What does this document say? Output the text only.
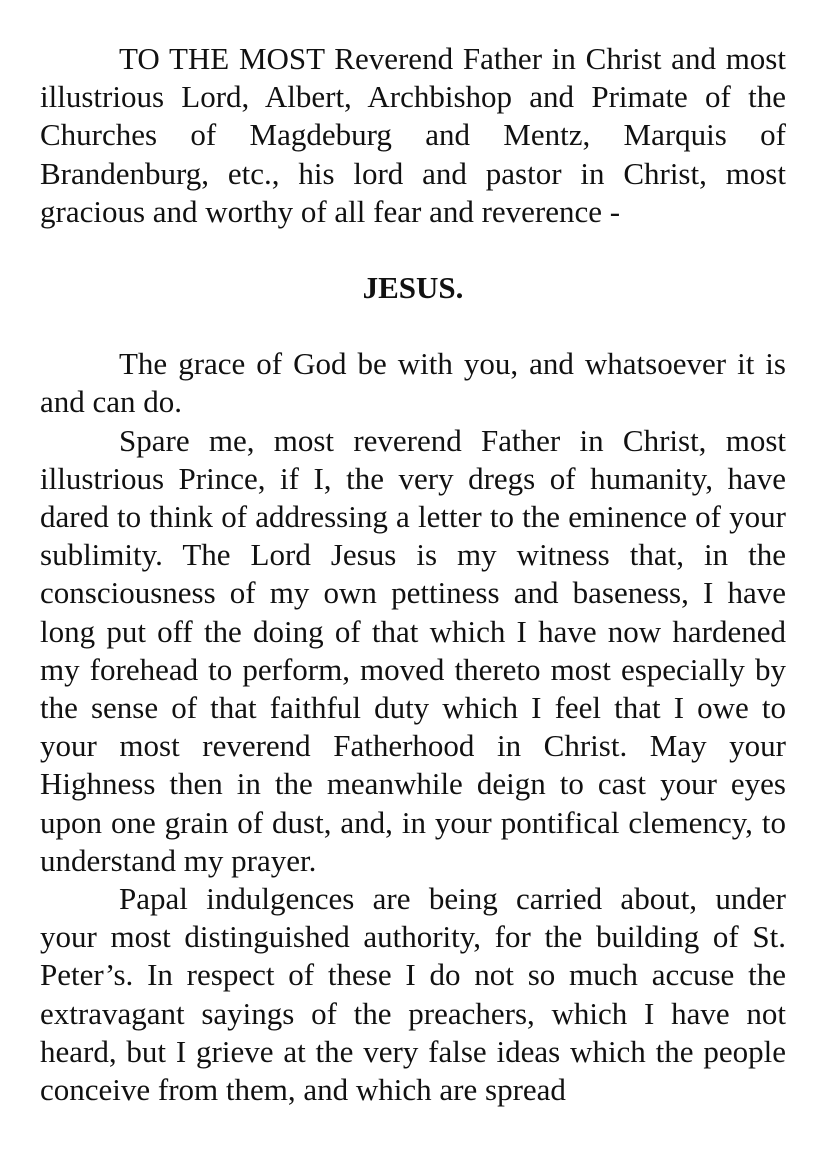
TO THE MOST Reverend Father in Christ and most illustrious Lord, Albert, Archbishop and Primate of the Churches of Magdeburg and Mentz, Marquis of Brandenburg, etc., his lord and pastor in Christ, most gracious and worthy of all fear and reverence -

JESUS.

The grace of God be with you, and whatsoever it is and can do.

Spare me, most reverend Father in Christ, most illustrious Prince, if I, the very dregs of humanity, have dared to think of addressing a letter to the eminence of your sublimity. The Lord Jesus is my witness that, in the consciousness of my own pettiness and baseness, I have long put off the doing of that which I have now hardened my forehead to perform, moved thereto most especially by the sense of that faithful duty which I feel that I owe to your most reverend Fatherhood in Christ. May your Highness then in the meanwhile deign to cast your eyes upon one grain of dust, and, in your pontifical clemency, to understand my prayer.

Papal indulgences are being carried about, under your most distinguished authority, for the building of St. Peter’s. In respect of these I do not so much accuse the extravagant sayings of the preachers, which I have not heard, but I grieve at the very false ideas which the people conceive from them, and which are spread
